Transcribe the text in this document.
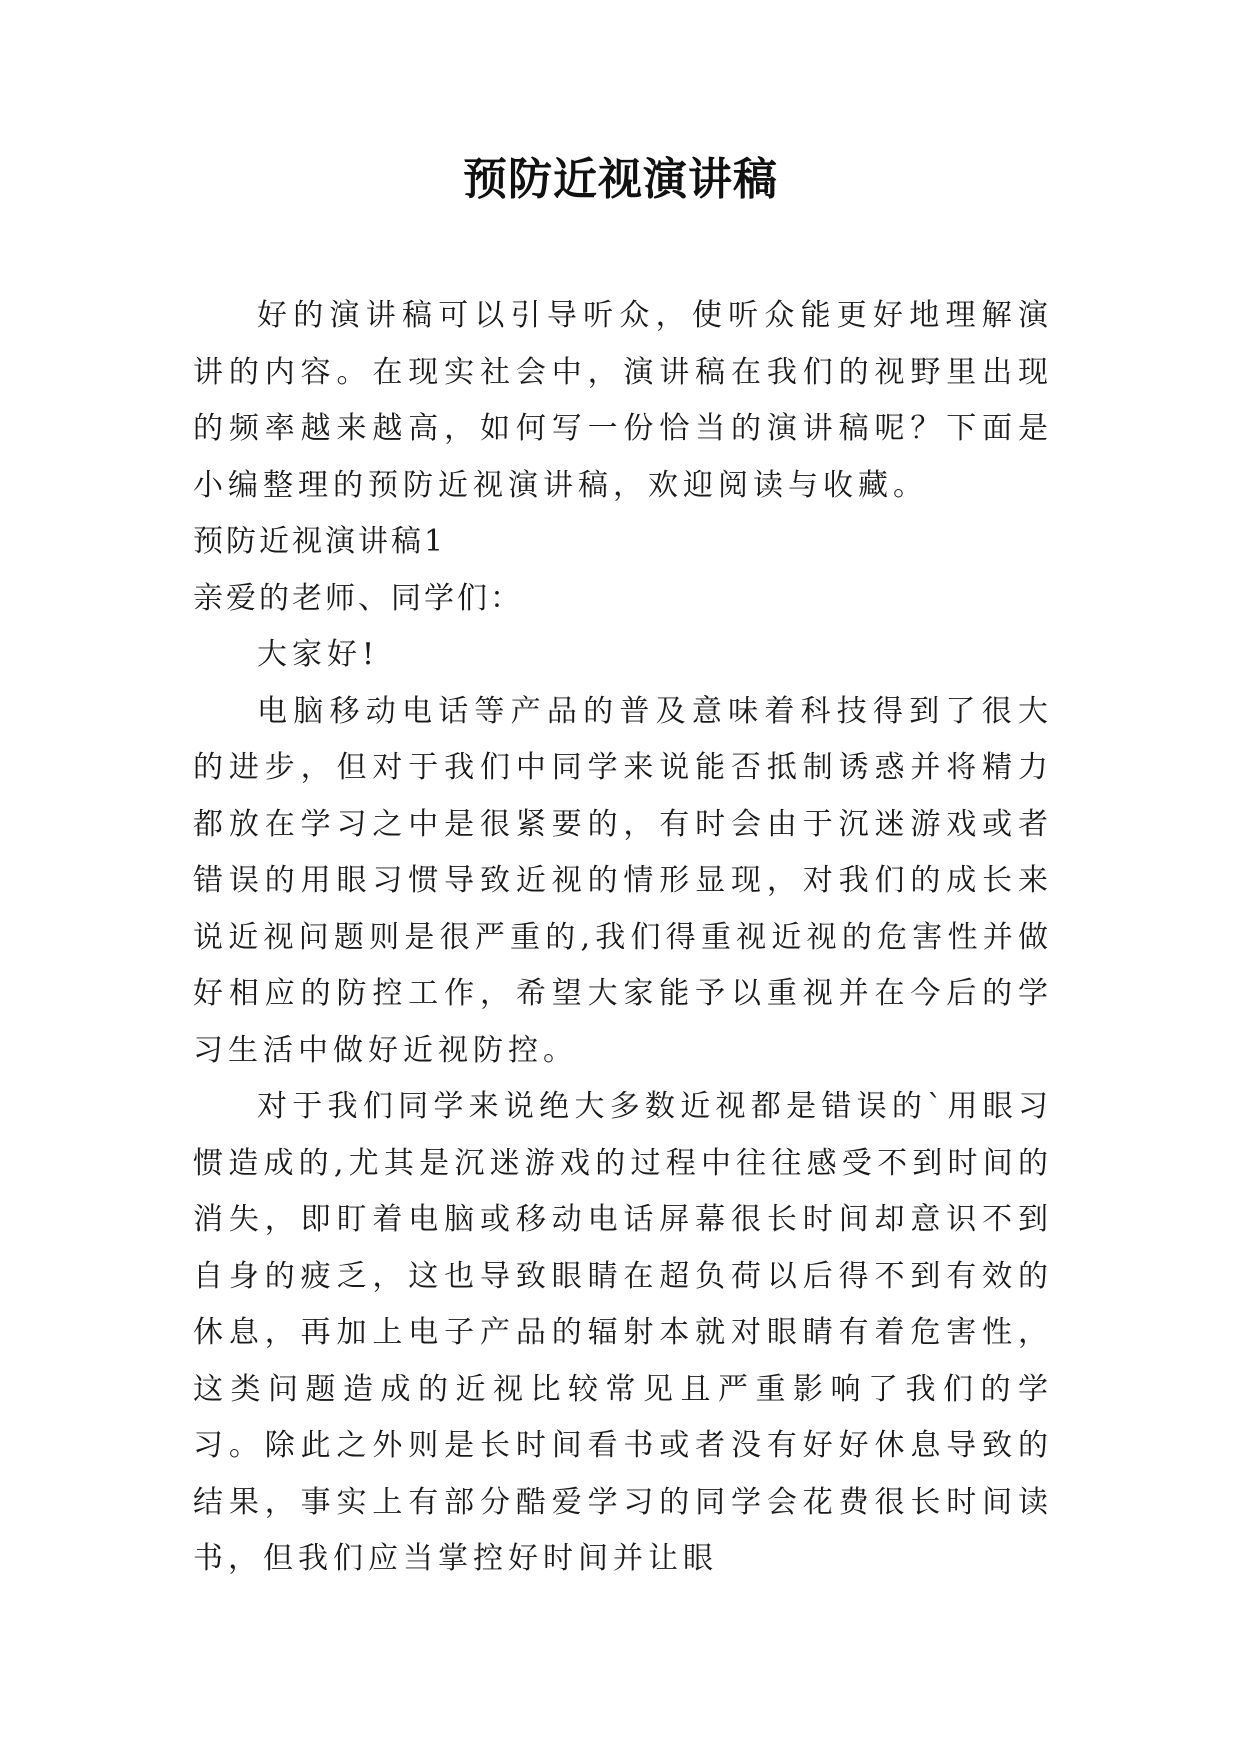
预防近视演讲稿

好的演讲稿可以引导听众，使听众能更好地理解演讲的内容。在现实社会中，演讲稿在我们的视野里出现的频率越来越高，如何写一份恰当的演讲稿呢？下面是小编整理的预防近视演讲稿，欢迎阅读与收藏。

预防近视演讲稿1

亲爱的老师、同学们：

大家好!

电脑移动电话等产品的普及意味着科技得到了很大的进步，但对于我们中同学来说能否抵制诱惑并将精力都放在学习之中是很紧要的，有时会由于沉迷游戏或者错误的用眼习惯导致近视的情形显现，对我们的成长来说近视问题则是很严重的,我们得重视近视的危害性并做好相应的防控工作，希望大家能予以重视并在今后的学习生活中做好近视防控。

对于我们同学来说绝大多数近视都是错误的`用眼习惯造成的,尤其是沉迷游戏的过程中往往感受不到时间的消失，即盯着电脑或移动电话屏幕很长时间却意识不到自身的疲乏，这也导致眼睛在超负荷以后得不到有效的休息，再加上电子产品的辐射本就对眼睛有着危害性，这类问题造成的近视比较常见且严重影响了我们的学习。除此之外则是长时间看书或者没有好好休息导致的结果，事实上有部分酷爱学习的同学会花费很长时间读书，但我们应当掌控好时间并让眼
